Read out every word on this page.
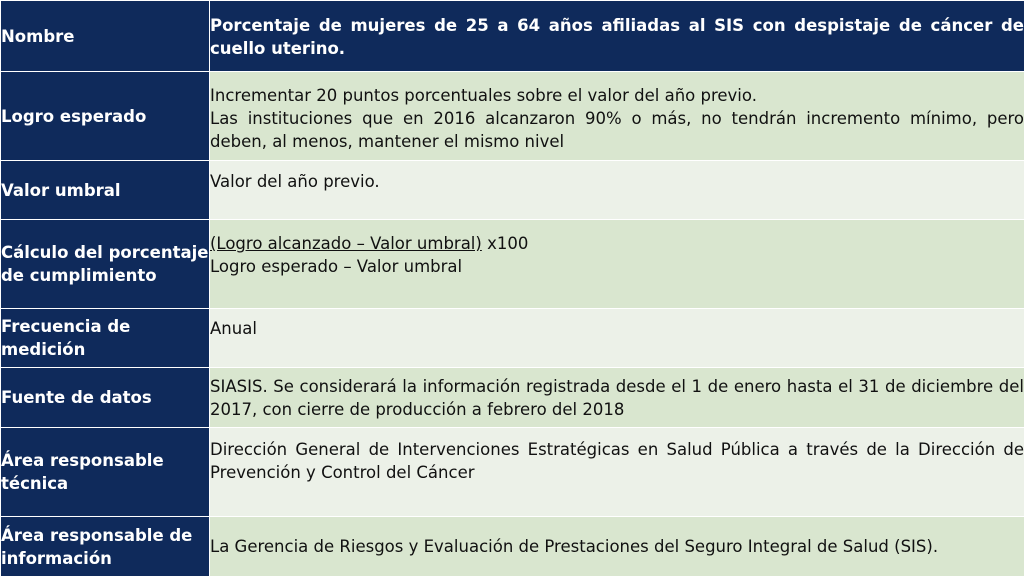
Nombre	Porcentaje de mujeres de 25 a 64 años afiliadas al SIS con despistaje de cáncer de cuello uterino.
Logro esperado	Incrementar 20 puntos porcentuales sobre el valor del año previo.
Las instituciones que en 2016 alcanzaron 90% o más, no tendrán incremento mínimo, pero deben, al menos, mantener el mismo nivel

Valor umbral	Valor del año previo.
Cálculo del porcentaje de cumplimiento	(Logro alcanzado – Valor umbral) x100
Logro esperado – Valor umbral

Frecuencia de medición	Anual
Fuente de datos	SIASIS. Se considerará la información registrada desde el 1 de enero hasta el 31 de diciembre del 2017, con cierre de producción a febrero del 2018
Área responsable técnica	Dirección General de Intervenciones Estratégicas en Salud Pública a través de la Dirección de Prevención y Control del Cáncer
Área responsable de información	La Gerencia de Riesgos y Evaluación de Prestaciones del Seguro Integral de Salud (SIS).
